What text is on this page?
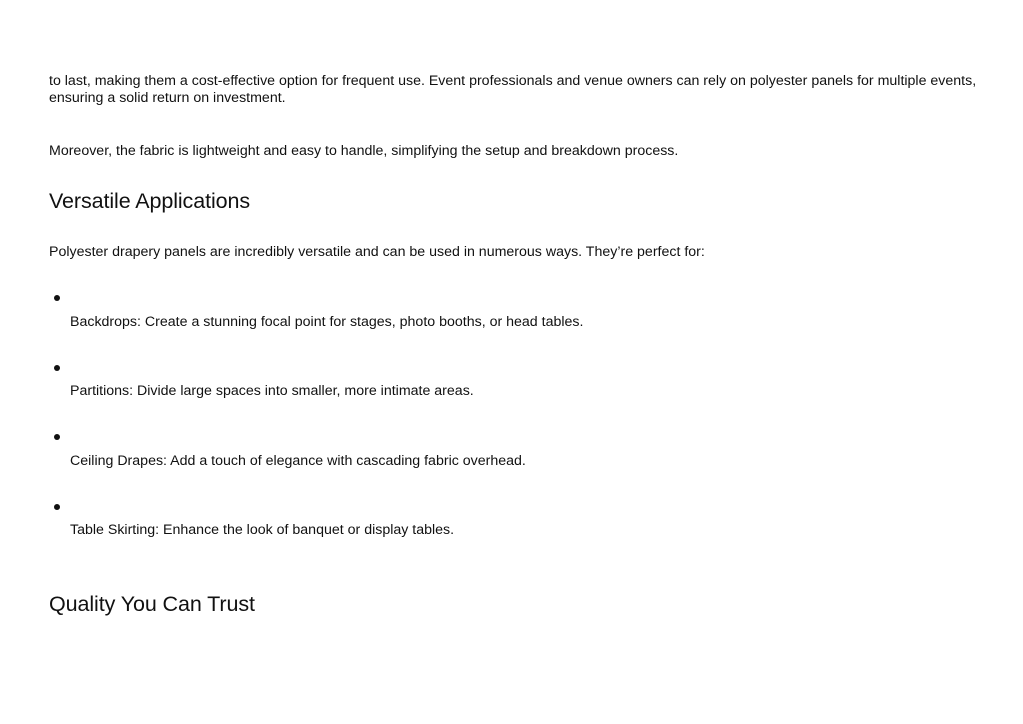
to last, making them a cost-effective option for frequent use. Event professionals and venue owners can rely on polyester panels for multiple events, ensuring a solid return on investment.

Moreover, the fabric is lightweight and easy to handle, simplifying the setup and breakdown process.

Versatile Applications

Polyester drapery panels are incredibly versatile and can be used in numerous ways. They’re perfect for:

Backdrops: Create a stunning focal point for stages, photo booths, or head tables.

Partitions: Divide large spaces into smaller, more intimate areas.

Ceiling Drapes: Add a touch of elegance with cascading fabric overhead.

Table Skirting: Enhance the look of banquet or display tables.

Quality You Can Trust
